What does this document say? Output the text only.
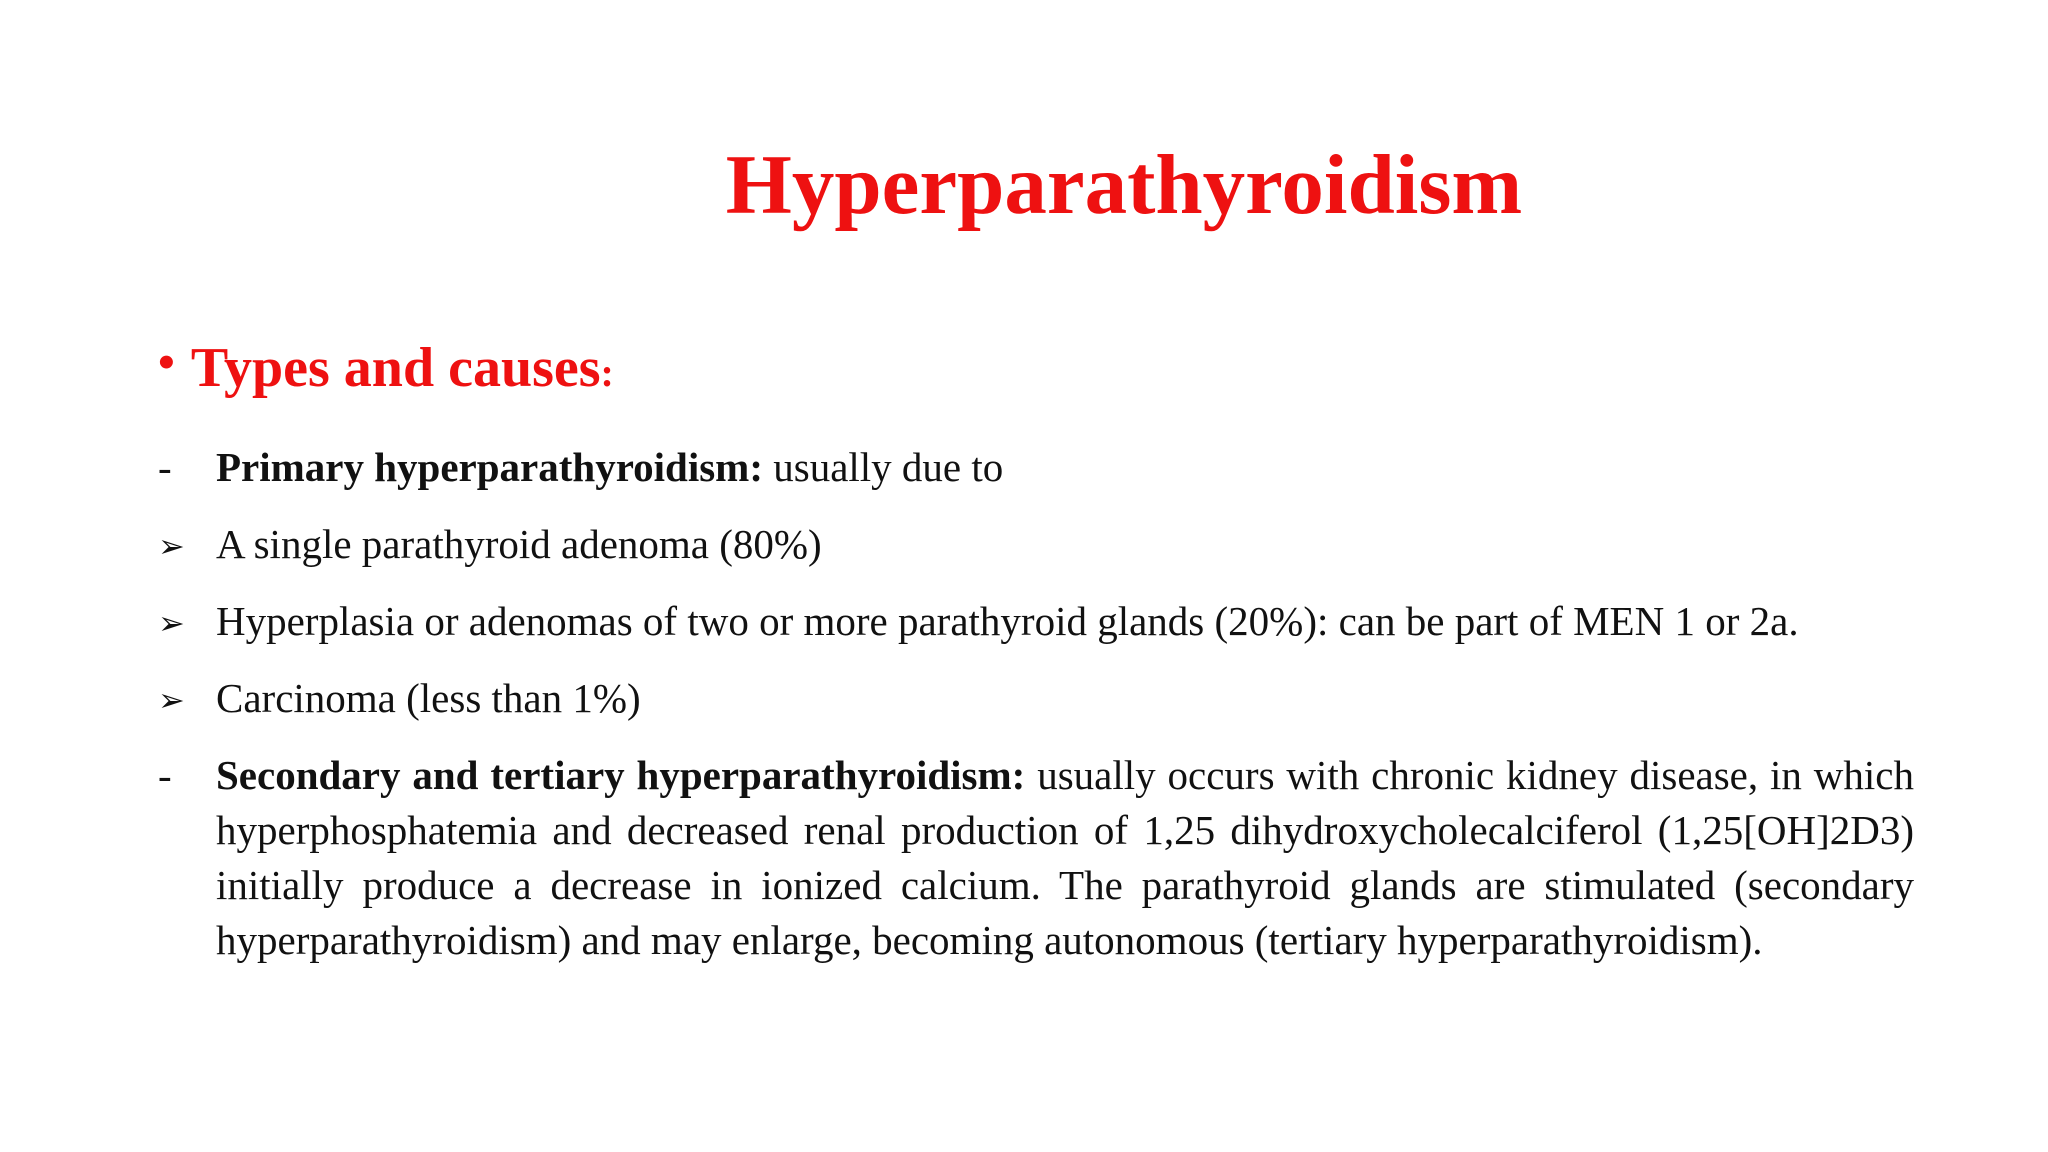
Hyperparathyroidism
• Types and causes:
-	Primary hyperparathyroidism: usually due to
➢ A single parathyroid adenoma (80%)
➢ Hyperplasia or adenomas of two or more parathyroid glands (20%): can be part of MEN 1 or 2a.
➢ Carcinoma (less than 1%)
-	Secondary and tertiary hyperparathyroidism: usually occurs with chronic kidney disease, in which hyperphosphatemia and decreased renal production of 1,25 dihydroxycholecalciferol (1,25[OH]2D3) initially produce a decrease in ionized calcium. The parathyroid glands are stimulated (secondary hyperparathyroidism) and may enlarge, becoming autonomous (tertiary hyperparathyroidism).
